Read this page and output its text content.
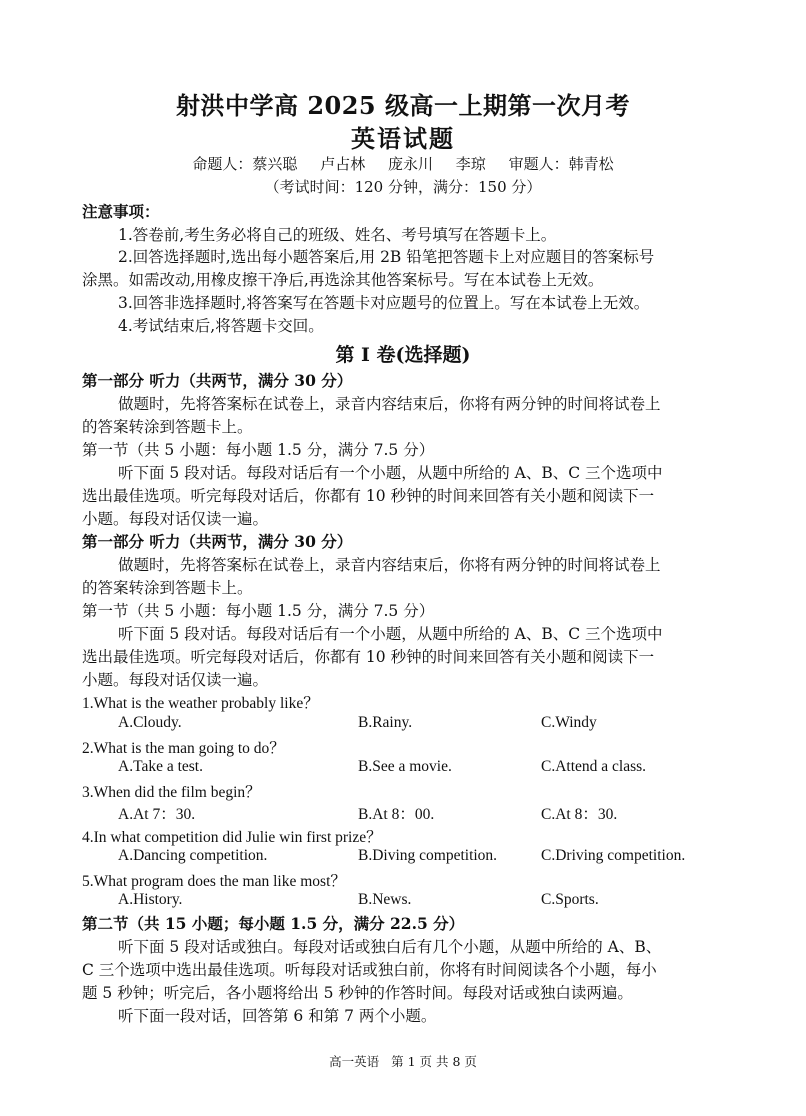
射洪中学高 2025 级高一上期第一次月考
英语试题
命题人：蔡兴聪 卢占林 庞永川 李琼 审题人：韩青松
（考试时间：120 分钟，满分：150 分）
注意事项：
1.答卷前,考生务必将自己的班级、姓名、考号填写在答题卡上。
2.回答选择题时,选出每小题答案后,用 2B 铅笔把答题卡上对应题目的答案标号
涂黑。如需改动,用橡皮擦干净后,再选涂其他答案标号。写在本试卷上无效。
3.回答非选择题时,将答案写在答题卡对应题号的位置上。写在本试卷上无效。
4.考试结束后,将答题卡交回。
第 I 卷(选择题)
第一部分 听力（共两节，满分 30 分）
做题时，先将答案标在试卷上，录音内容结束后，你将有两分钟的时间将试卷上
的答案转涂到答题卡上。
第一节（共 5 小题：每小题 1.5 分，满分 7.5 分）
听下面 5 段对话。每段对话后有一个小题，从题中所给的 A、B、C 三个选项中
选出最佳选项。听完每段对话后，你都有 10 秒钟的时间来回答有关小题和阅读下一
小题。每段对话仅读一遍。
第一部分 听力（共两节，满分 30 分）
做题时，先将答案标在试卷上，录音内容结束后，你将有两分钟的时间将试卷上
的答案转涂到答题卡上。
第一节（共 5 小题：每小题 1.5 分，满分 7.5 分）
听下面 5 段对话。每段对话后有一个小题，从题中所给的 A、B、C 三个选项中
选出最佳选项。听完每段对话后，你都有 10 秒钟的时间来回答有关小题和阅读下一
小题。每段对话仅读一遍。
1.What is the weather probably like？
A.Cloudy.	B.Rainy.	C.Windy
2.What is the man going to do？
A.Take a test.	B.See a movie.	C.Attend a class.
3.When did the film begin？
A.At 7：30.	B.At 8：00.	C.At 8：30.
4.In what competition did Julie win first prize？
A.Dancing competition.	B.Diving competition.	C.Driving competition.
5.What program does the man like most？
A.History.	B.News.	C.Sports.
第二节（共 15 小题；每小题 1.5 分，满分 22.5 分）
听下面 5 段对话或独白。每段对话或独白后有几个小题，从题中所给的 A、B、
C 三个选项中选出最佳选项。听每段对话或独白前，你将有时间阅读各个小题，每小
题 5 秒钟；听完后，各小题将给出 5 秒钟的作答时间。每段对话或独白读两遍。
听下面一段对话，回答第 6 和第 7 两个小题。
高一英语 第 1 页 共 8 页
